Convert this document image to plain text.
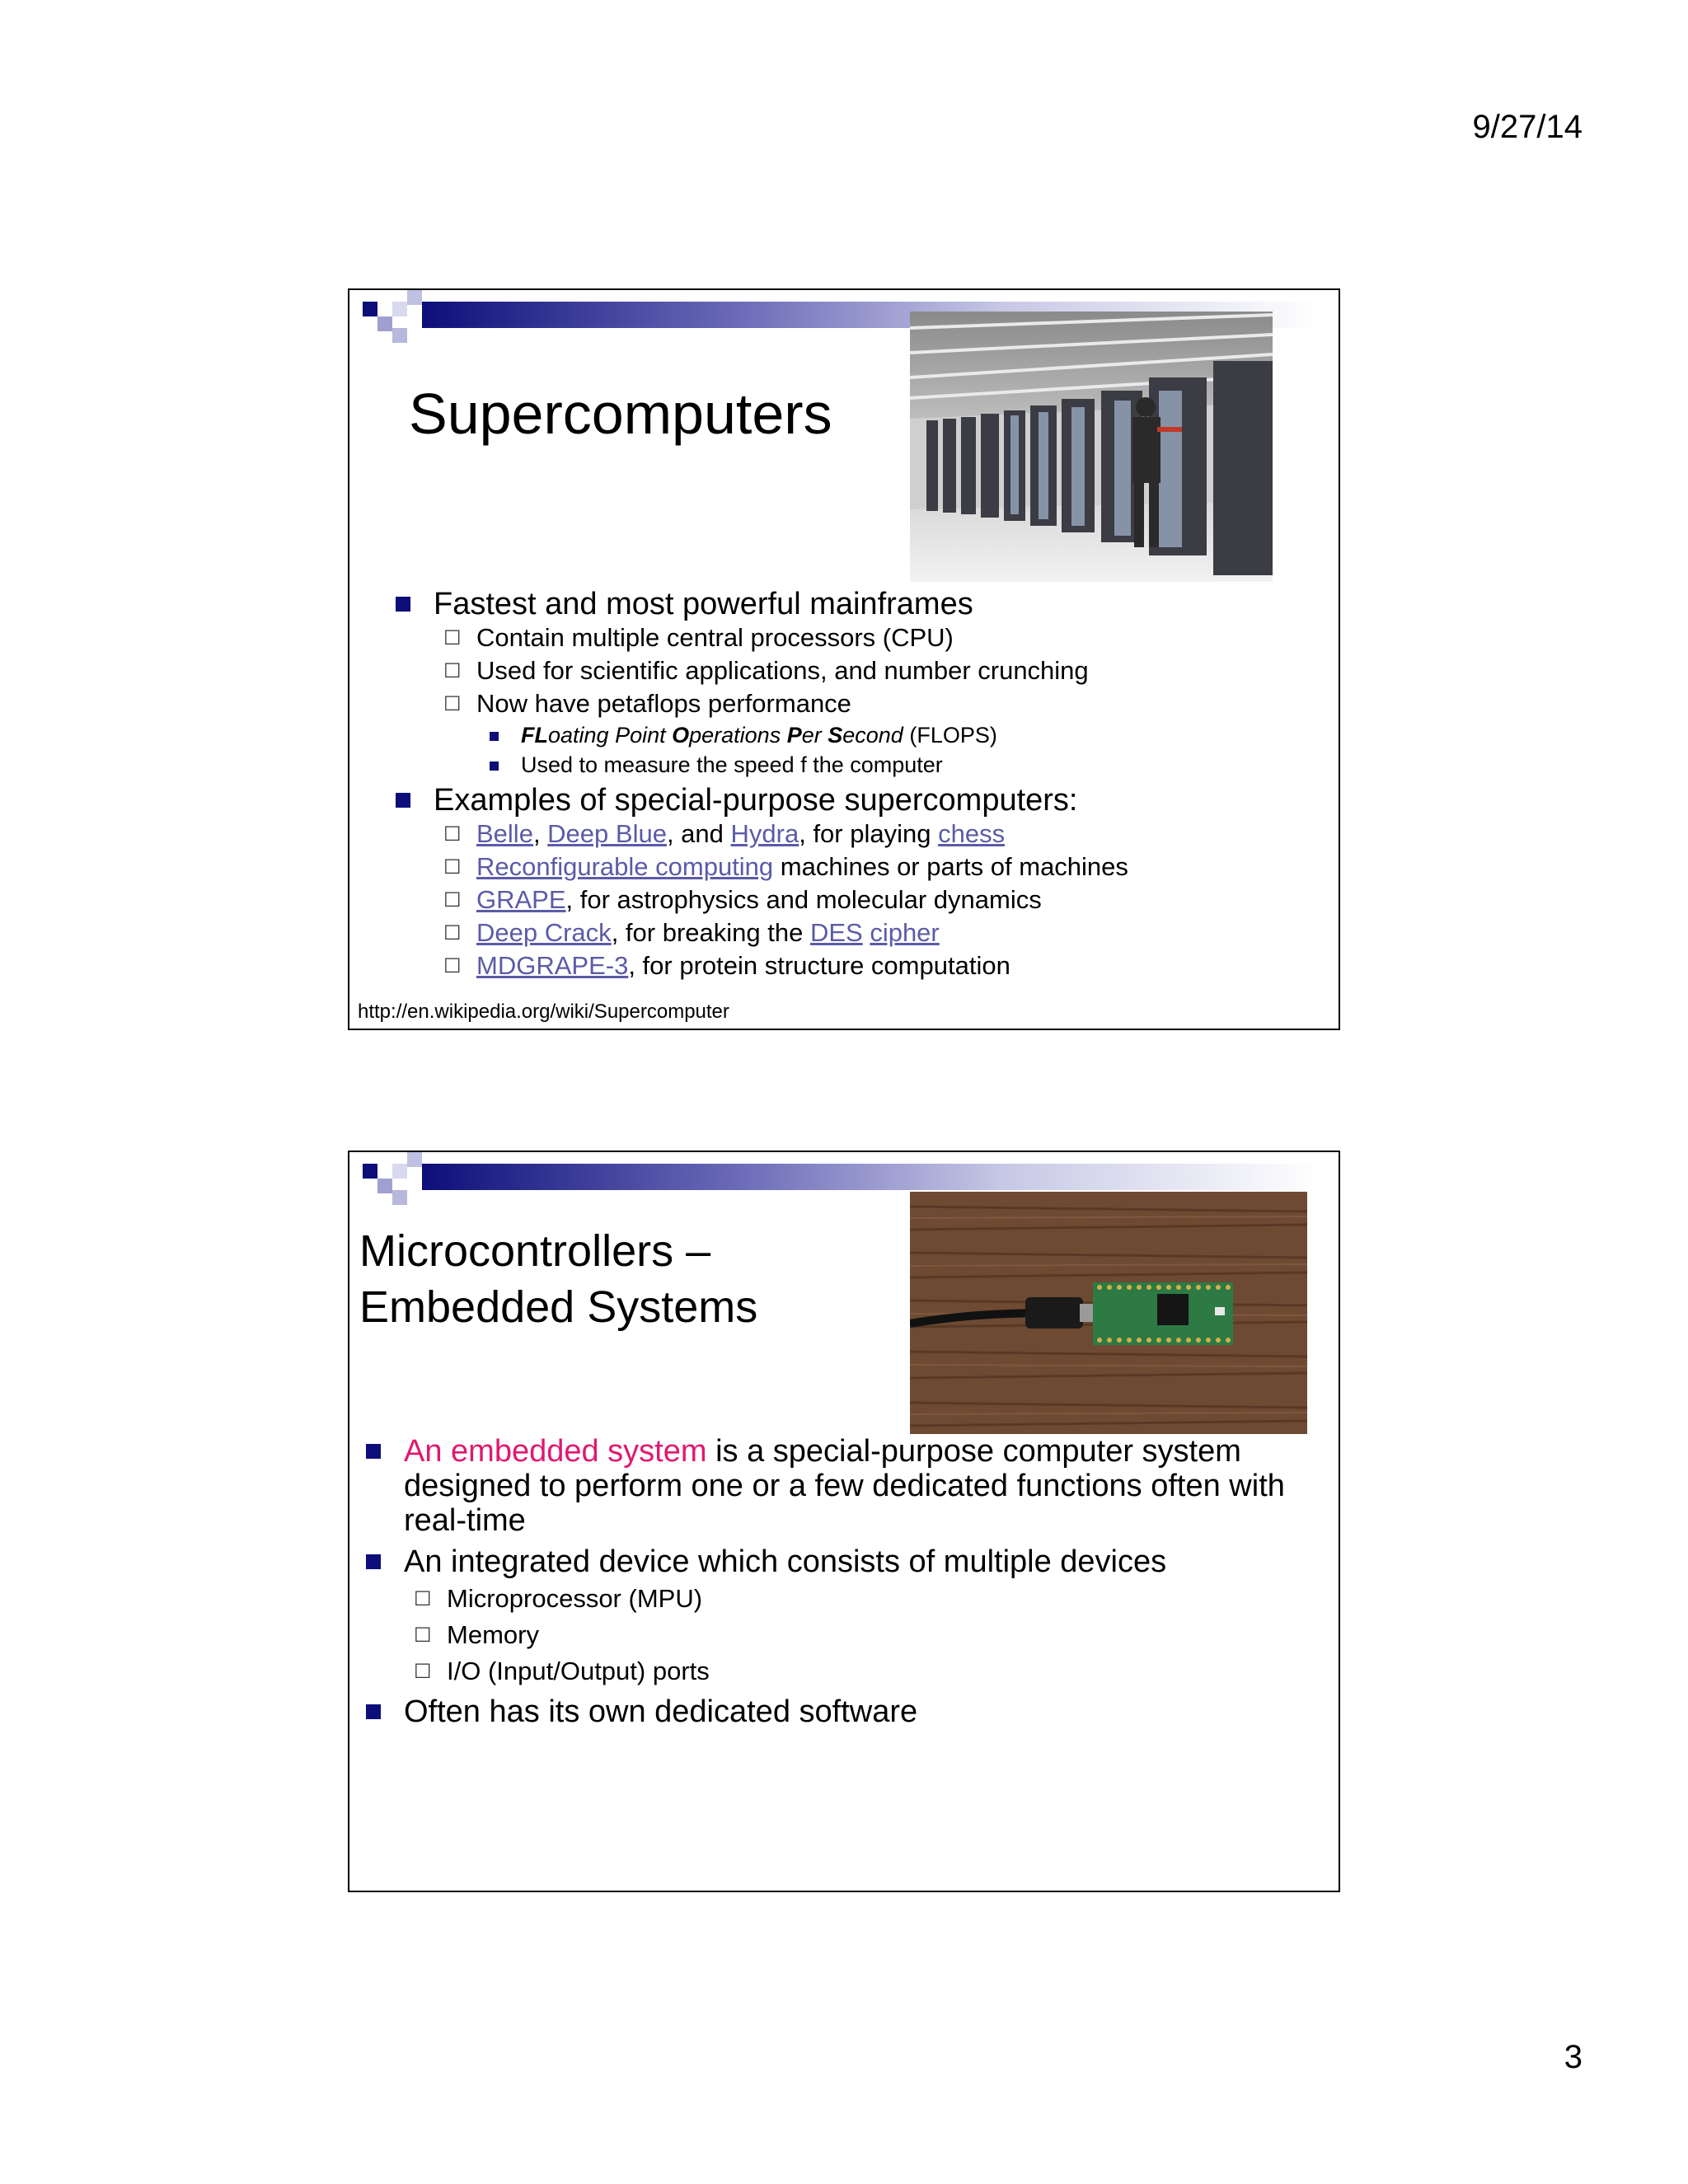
9/27/14
Supercomputers
Fastest and most powerful mainframes
☐ Contain multiple central processors (CPU)
☐ Used for scientific applications, and number crunching
☐ Now have petaflops performance
FLoating Point Operations Per Second (FLOPS)
Used to measure the speed f the computer
Examples of special-purpose supercomputers:
☐ Belle, Deep Blue, and Hydra, for playing chess
☐ Reconfigurable computing machines or parts of machines
☐ GRAPE, for astrophysics and molecular dynamics
☐ Deep Crack, for breaking the DES cipher
☐ MDGRAPE-3, for protein structure computation
http://en.wikipedia.org/wiki/Supercomputer
Microcontrollers –
Embedded Systems
An embedded system is a special-purpose computer system designed to perform one or a few dedicated functions often with real-time
An integrated device which consists of multiple devices
☐ Microprocessor (MPU)
☐ Memory
☐ I/O (Input/Output) ports
Often has its own dedicated software
3
